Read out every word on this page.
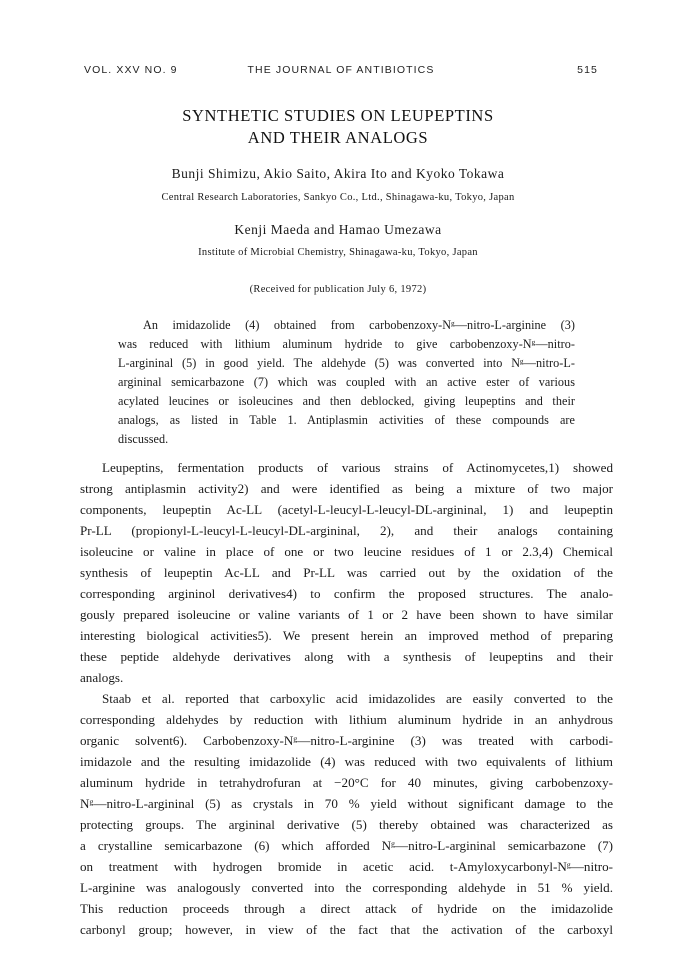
VOL. XXV NO. 9	THE JOURNAL OF ANTIBIOTICS	515
SYNTHETIC STUDIES ON LEUPEPTINS
AND THEIR ANALOGS
Bunji Shimizu, Akio Saito, Akira Ito and Kyoko Tokawa
Central Research Laboratories, Sankyo Co., Ltd., Shinagawa-ku, Tokyo, Japan
Kenji Maeda and Hamao Umezawa
Institute of Microbial Chemistry, Shinagawa-ku, Tokyo, Japan
(Received for publication July 6, 1972)
An imidazolide (4) obtained from carbobenzoxy-Nᵍ—nitro-L-arginine (3)
was reduced with lithium aluminum hydride to give carbobenzoxy-Nᵍ—nitro-
L-argininal (5) in good yield. The aldehyde (5) was converted into Nᵍ—nitro-L-
argininal semicarbazone (7) which was coupled with an active ester of various
acylated leucines or isoleucines and then deblocked, giving leupeptins and their
analogs, as listed in Table 1. Antiplasmin activities of these compounds are
discussed.
Leupeptins, fermentation products of various strains of Actinomycetes,1) showed
strong antiplasmin activity2) and were identified as being a mixture of two major
components, leupeptin Ac-LL (acetyl-L-leucyl-L-leucyl-DL-argininal, 1) and leupeptin
Pr-LL (propionyl-L-leucyl-L-leucyl-DL-argininal, 2), and their analogs containing
isoleucine or valine in place of one or two leucine residues of 1 or 2.3,4) Chemical
synthesis of leupeptin Ac-LL and Pr-LL was carried out by the oxidation of the
corresponding argininol derivatives4) to confirm the proposed structures. The analo-
gously prepared isoleucine or valine variants of 1 or 2 have been shown to have similar
interesting biological activities5). We present herein an improved method of preparing
these peptide aldehyde derivatives along with a synthesis of leupeptins and their
analogs.
Staab et al. reported that carboxylic acid imidazolides are easily converted to the
corresponding aldehydes by reduction with lithium aluminum hydride in an anhydrous
organic solvent6). Carbobenzoxy-Nᵍ—nitro-L-arginine (3) was treated with carbodi-
imidazole and the resulting imidazolide (4) was reduced with two equivalents of lithium
aluminum hydride in tetrahydrofuran at −20°C for 40 minutes, giving carbobenzoxy-
Nᵍ—nitro-L-argininal (5) as crystals in 70 % yield without significant damage to the
protecting groups. The argininal derivative (5) thereby obtained was characterized as
a crystalline semicarbazone (6) which afforded Nᵍ—nitro-L-argininal semicarbazone (7)
on treatment with hydrogen bromide in acetic acid. t-Amyloxycarbonyl-Nᵍ—nitro-
L-arginine was analogously converted into the corresponding aldehyde in 51 % yield.
This reduction proceeds through a direct attack of hydride on the imidazolide
carbonyl group; however, in view of the fact that the activation of the carboxyl
